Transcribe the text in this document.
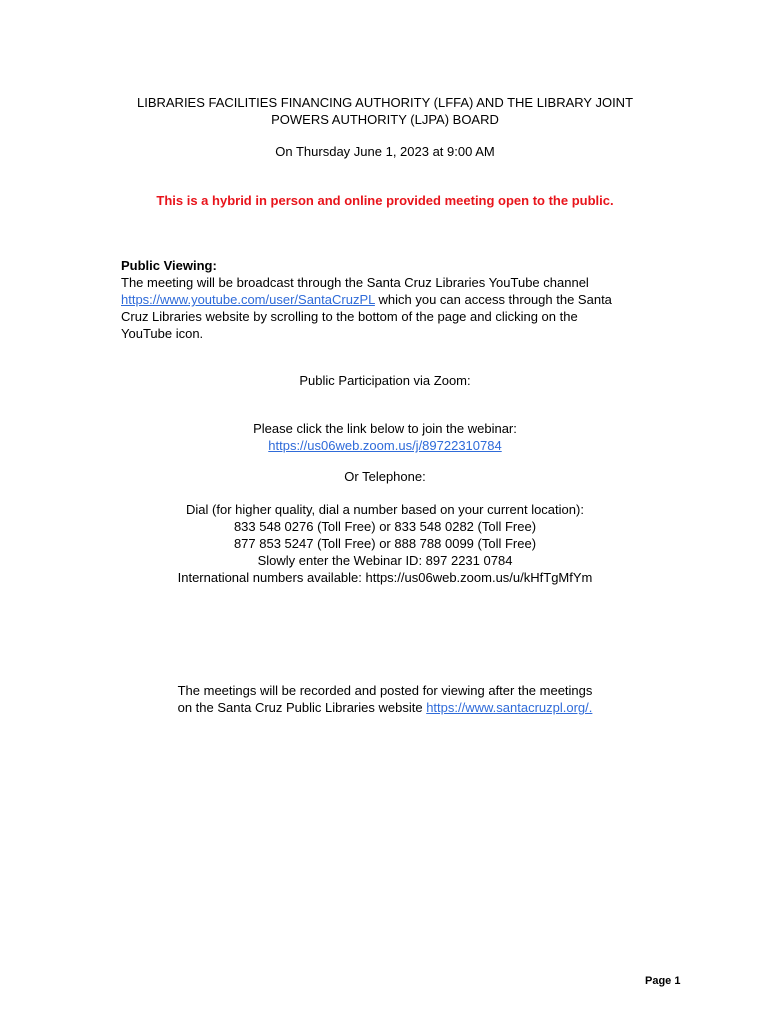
LIBRARIES FACILITIES FINANCING AUTHORITY (LFFA) AND THE LIBRARY JOINT
POWERS AUTHORITY (LJPA) BOARD
On Thursday June 1, 2023 at 9:00 AM
This is a hybrid in person and online provided meeting open to the public.
Public Viewing:
The meeting will be broadcast through the Santa Cruz Libraries YouTube channel
https://www.youtube.com/user/SantaCruzPL which you can access through the Santa
Cruz Libraries website by scrolling to the bottom of the page and clicking on the
YouTube icon.
Public Participation via Zoom:
Please click the link below to join the webinar:
https://us06web.zoom.us/j/89722310784
Or Telephone:
Dial (for higher quality, dial a number based on your current location):
833 548 0276 (Toll Free) or 833 548 0282 (Toll Free)
877 853 5247 (Toll Free) or 888 788 0099 (Toll Free)
Slowly enter the Webinar ID: 897 2231 0784
International numbers available: https://us06web.zoom.us/u/kHfTgMfYm
The meetings will be recorded and posted for viewing after the meetings
on the Santa Cruz Public Libraries website https://www.santacruzpl.org/.
Page 1
